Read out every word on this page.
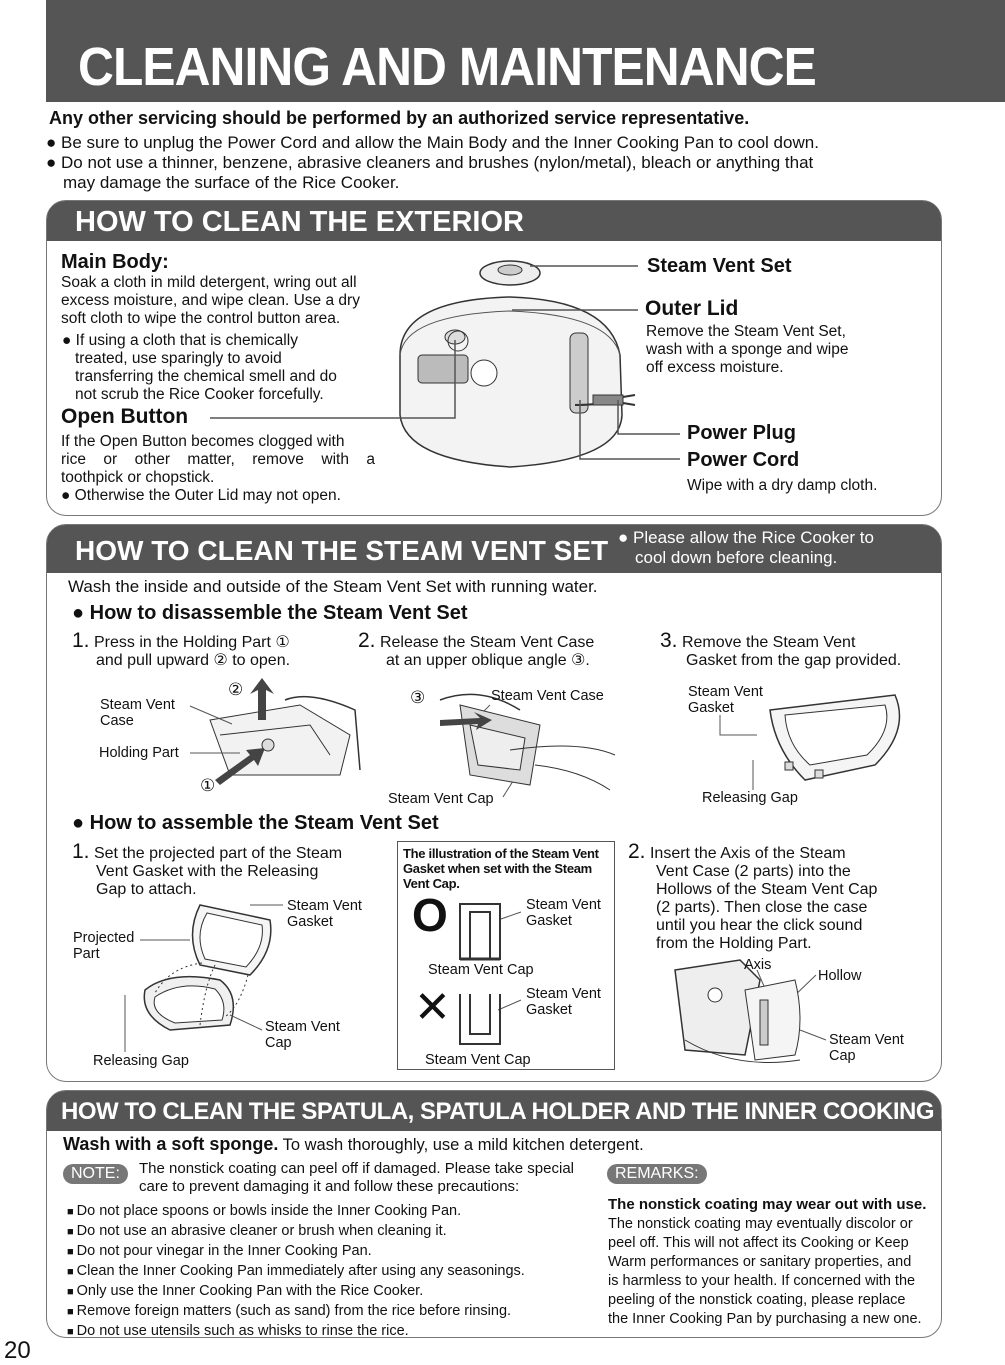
CLEANING AND MAINTENANCE
Any other servicing should be performed by an authorized service representative.
● Be sure to unplug the Power Cord and allow the Main Body and the Inner Cooking Pan to cool down.
● Do not use a thinner, benzene, abrasive cleaners and brushes (nylon/metal), bleach or anything that
may damage the surface of the Rice Cooker.
HOW TO CLEAN THE EXTERIOR
Main Body:
Soak a cloth in mild detergent, wring out all
excess moisture, and wipe clean. Use a dry
soft cloth to wipe the control button area.
● If using a cloth that is chemically
treated, use sparingly to avoid
transferring the chemical smell and do
not scrub the Rice Cooker forcefully.
Open Button
If the Open Button becomes clogged with
rice or other matter, remove with a
toothpick or chopstick.
● Otherwise the Outer Lid may not open.
Steam Vent Set
Outer Lid
Remove the Steam Vent Set,
wash with a sponge and wipe
off excess moisture.
Power Plug
Power Cord
Wipe with a dry damp cloth.
HOW TO CLEAN THE STEAM VENT SET ● Please allow the Rice Cooker to
cool down before cleaning.
Wash the inside and outside of the Steam Vent Set with running water.
● How to disassemble the Steam Vent Set
1. Press in the Holding Part ①
and pull upward ② to open.
2. Release the Steam Vent Case
at an upper oblique angle ③.
3. Remove the Steam Vent
Gasket from the gap provided.
Steam Vent
Case
Holding Part
②
①
③	Steam Vent Case
Steam Vent Cap
Steam Vent
Gasket
Releasing Gap
● How to assemble the Steam Vent Set
1. Set the projected part of the Steam
Vent Gasket with the Releasing
Gap to attach.
Steam Vent
Gasket
Projected
Part
Steam Vent
Cap
Releasing Gap
The illustration of the Steam Vent
Gasket when set with the Steam
Vent Cap.
O
✕
Steam Vent
Gasket
Steam Vent Cap
Steam Vent
Gasket
Steam Vent Cap
2. Insert the Axis of the Steam
Vent Case (2 parts) into the
Hollows of the Steam Vent Cap
(2 parts). Then close the case
until you hear the click sound
from the Holding Part.
Axis
Hollow
Steam Vent
Cap
HOW TO CLEAN THE SPATULA, SPATULA HOLDER AND THE INNER COOKING PAN
Wash with a soft sponge. To wash thoroughly, use a mild kitchen detergent.
NOTE:	The nonstick coating can peel off if damaged. Please take special
care to prevent damaging it and follow these precautions:
■ Do not place spoons or bowls inside the Inner Cooking Pan.
■ Do not use an abrasive cleaner or brush when cleaning it.
■ Do not pour vinegar in the Inner Cooking Pan.
■ Clean the Inner Cooking Pan immediately after using any seasonings.
■ Only use the Inner Cooking Pan with the Rice Cooker.
■ Remove foreign matters (such as sand) from the rice before rinsing.
■ Do not use utensils such as whisks to rinse the rice.
REMARKS:
The nonstick coating may wear out with use.
The nonstick coating may eventually discolor or
peel off. This will not affect its Cooking or Keep
Warm performances or sanitary properties, and
is harmless to your health. If concerned with the
peeling of the nonstick coating, please replace
the Inner Cooking Pan by purchasing a new one.
20
